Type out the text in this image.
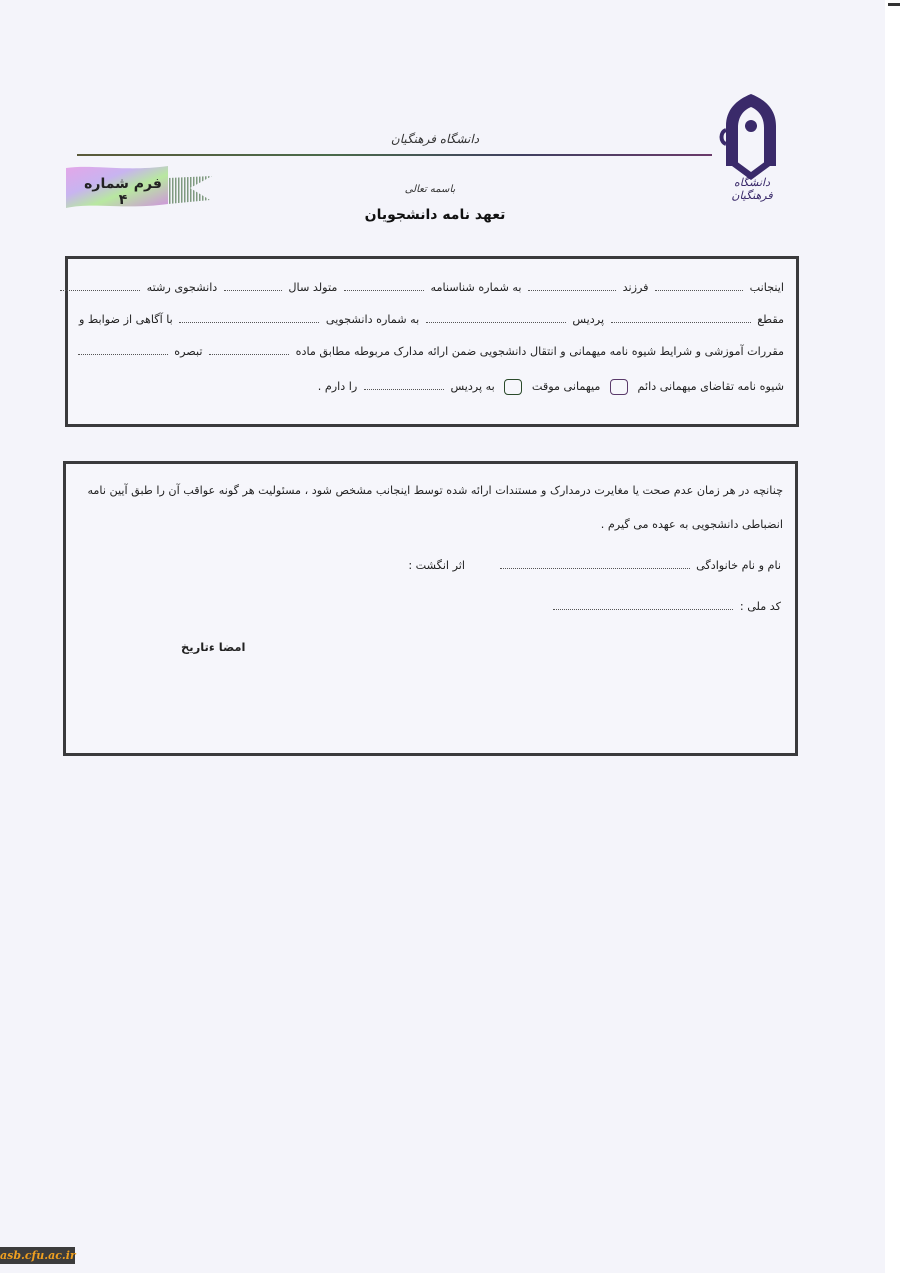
دانشگاه فرهنگیان
دانشگاه فرهنگیان
فرم شماره ۴
باسمه تعالی
تعهد نامه دانشجویان
اینجانب  فرزند  به شماره شناسنامه  متولد سال  دانشجوی رشته
مقطع  پردیس  به شماره دانشجویی  با آگاهی از ضوابط و
مقررات آموزشی و شرایط شیوه نامه میهمانی و انتقال دانشجویی ضمن ارائه مدارک مربوطه مطابق ماده  تبصره
شیوه نامه تقاضای میهمانی دائم  میهمانی موقت  به پردیس  را دارم .
چنانچه در هر زمان عدم صحت یا مغایرت درمدارک و مستندات ارائه شده توسط اینجانب مشخص شود ، مسئولیت هر گونه عواقب آن را طبق آیین نامه
انضباطی دانشجویی به عهده می گیرم .
نام و نام خانوادگی
اثر انگشت :
کد ملی :
امضا ءتاریخ
asb.cfu.ac.ir
